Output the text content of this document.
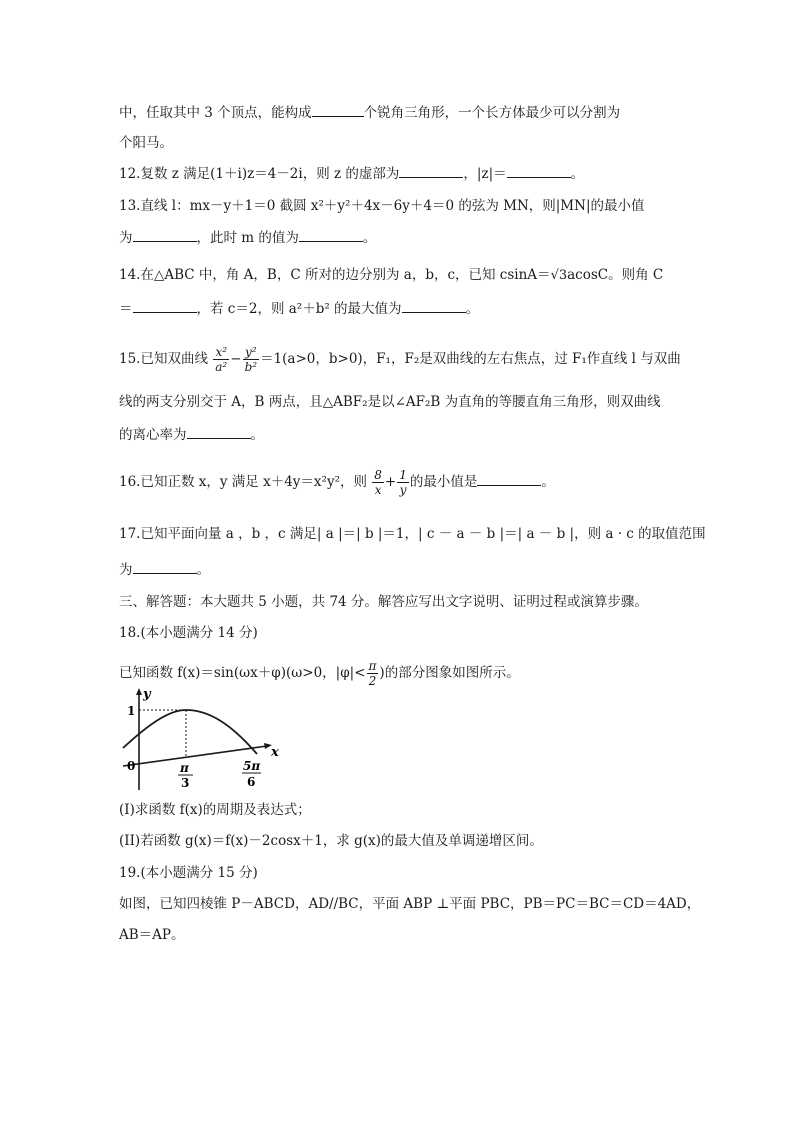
中，任取其中 3 个顶点，能构成	个锐角三角形，一个长方体最少可以分割为
个阳马。
12.复数 z 满足(1＋i)z＝4－2i，则 z 的虚部为	，|z|＝	。
13.直线 l：mx－y＋1＝0 截圆 x²＋y²＋4x－6y＋4＝0 的弦为 MN，则|MN|的最小值
为	，此时 m 的值为	。
14.在△ABC 中，角 A，B，C 所对的边分别为 a，b，c，已知 csinA＝√3acosC。则角 C
＝	，若 c＝2，则 a²＋b² 的最大值为	。
15.已知双曲线 $\frac{\text{x²}}{\text{a²}} - \frac{\text{y²}}{\text{b²}} =1(a>0$，b>0)，F₁，F₂是双曲线的左右焦点，过 F₁作直线 l 与双曲
线的两支分别交于 A，B 两点，且△ABF₂是以∠AF₂B 为直角的等腰直角三角形，则双曲线
的离心率为	。
16.已知正数 x，y 满足 x＋4y＝x²y²，则 $\frac{8}{x} + \frac{1}{y}$ 的最小值是	。
17.已知平面向量 a ，b ，c 满足| a |＝| b |＝1，| c － a － b |＝| a － b |，则 a · c 的取值范围
为	。
三、解答题：本大题共 5 小题，共 74 分。解答应写出文字说明、证明过程或演算步骤。
18.(本小题满分 14 分)
已知函数 f(x)＝sin(ωx＋φ)(ω>0，$|\varphi|< \frac{\pi}{2}$ )的部分图象如图所示。
y
x
1
0	π
3
5π
6
(I)求函数 f(x)的周期及表达式；
(II)若函数 g(x)＝f(x)－2cosx＋1，求 g(x)的最大值及单调递增区间。
19.(本小题满分 15 分)
如图，已知四棱锥 P－ABCD，AD//BC，平面 ABP ⊥平面 PBC，PB＝PC＝BC＝CD＝4AD，
AB＝AP。
